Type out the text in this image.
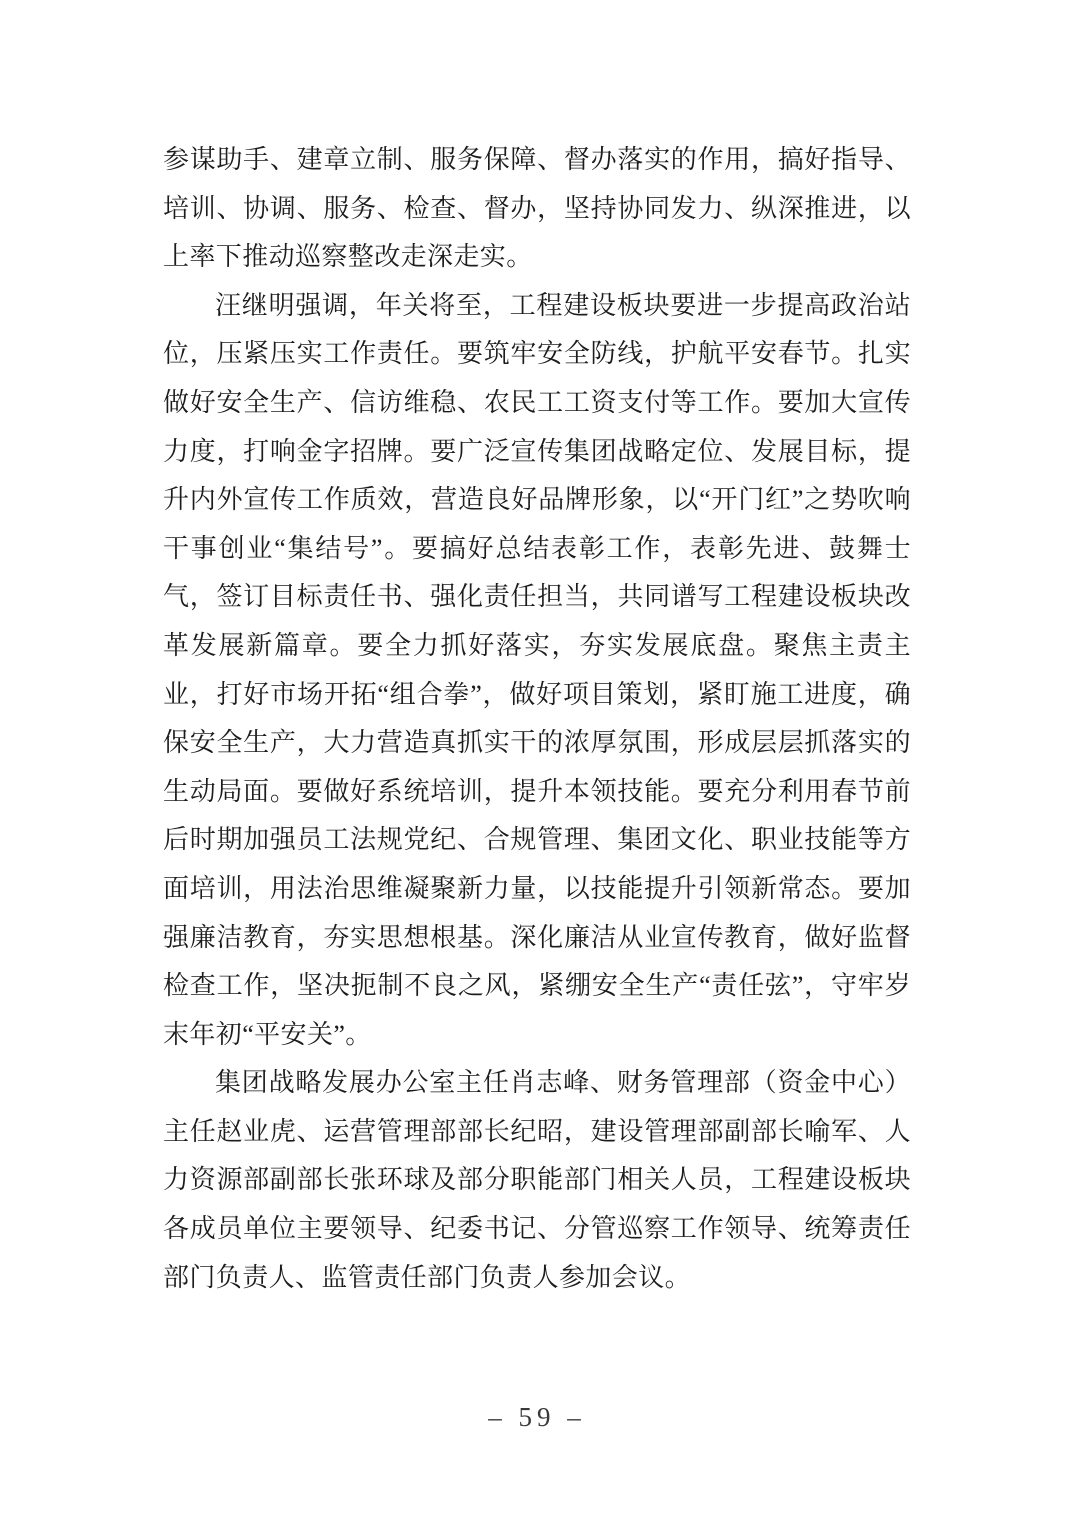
参谋助手、建章立制、服务保障、督办落实的作用，搞好指导、培训、协调、服务、检查、督办，坚持协同发力、纵深推进，以上率下推动巡察整改走深走实。

汪继明强调，年关将至，工程建设板块要进一步提高政治站位，压紧压实工作责任。要筑牢安全防线，护航平安春节。扎实做好安全生产、信访维稳、农民工工资支付等工作。要加大宣传力度，打响金字招牌。要广泛宣传集团战略定位、发展目标，提升内外宣传工作质效，营造良好品牌形象，以“开门红”之势吹响干事创业“集结号”。要搞好总结表彰工作，表彰先进、鼓舞士气，签订目标责任书、强化责任担当，共同谱写工程建设板块改革发展新篇章。要全力抓好落实，夯实发展底盘。聚焦主责主业，打好市场开拓“组合拳”，做好项目策划，紧盯施工进度，确保安全生产，大力营造真抓实干的浓厚氛围，形成层层抓落实的生动局面。要做好系统培训，提升本领技能。要充分利用春节前后时期加强员工法规党纪、合规管理、集团文化、职业技能等方面培训，用法治思维凝聚新力量，以技能提升引领新常态。要加强廉洁教育，夯实思想根基。深化廉洁从业宣传教育，做好监督检查工作，坚决扼制不良之风，紧绷安全生产“责任弦”，守牢岁末年初“平安关”。

集团战略发展办公室主任肖志峰、财务管理部（资金中心）主任赵业虎、运营管理部部长纪昭，建设管理部副部长喻军、人力资源部副部长张环球及部分职能部门相关人员，工程建设板块各成员单位主要领导、纪委书记、分管巡察工作领导、统筹责任部门负责人、监管责任部门负责人参加会议。

– 59 –
